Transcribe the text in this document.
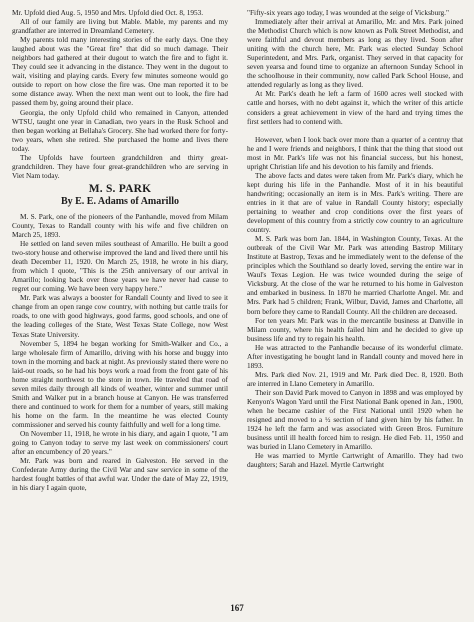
Mr. Upfold died Aug. 5, 1950 and Mrs. Upfold died Oct. 8, 1953.

All of our family are living but Mable. Mable, my parents and my grandfather are interred in Dreamland Cemetery.

My parents told many interesting stories of the early days. One they laughed about was the "Great fire" that did so much damage. Their neighbors had gathered at their dugout to watch the fire and to fight it. They could see it advancing in the distance. They went in the dugout to wait, visiting and playing cards. Every few minutes someone would go outside to report on how close the fire was. One man reported it to be some distance away. When the next man went out to look, the fire had passed them by, going around their place.

Georgia, the only Upfold child who remained in Canyon, attended WTSU, taught one year in Canadian, two years in the Rusk School and then began working at Bellaha's Grocery. She had worked there for forty-two years, when she retired. She purchased the home and lives there today.

The Upfolds have fourteen grandchildren and thirty great-grandchildren. They have four great-grandchildren who are serving in Viet Nam today.

M. S. PARK
By E. E. Adams of Amarillo

M. S. Park, one of the pioneers of the Panhandle, moved from Milam County, Texas to Randall county with his wife and five children on March 25, 1893.

He settled on land seven miles southeast of Amarillo. He built a good two-story house and otherwise improved the land and lived there until his death December 11, 1920. On March 25, 1918, he wrote in his diary, from which I quote, "This is the 25th anniversary of our arrival in Amarillo; looking back over those years we have never had cause to regret our coming. We have been very happy here."

Mr. Park was always a booster for Randall County and lived to see it change from an open range cow country, with nothing but cattle trails for roads, to one with good highways, good farms, good schools, and one of the leading colleges of the State, West Texas State College, now West Texas State University.

November 5, 1894 he began working for Smith-Walker and Co., a large wholesale firm of Amarillo, driving with his horse and buggy into town in the morning and back at night. As previously stated there were no laid-out roads, so he had his boys work a road from the front gate of his home straight northwest to the store in town. He traveled that road of seven miles daily through all kinds of weather, winter and summer until Smith and Walker put in a branch house at Canyon. He was transferred there and continued to work for them for a number of years, still making his home on the farm. In the meantime he was elected County commissioner and served his county faithfully and well for a long time.

On November 11, 1918, he wrote in his diary, and again I quote, "I am going to Canyon today to serve my last week on commissioners' court after an encumbency of 20 years."

Mr. Park was born and reared in Galveston. He served in the Confederate Army during the Civil War and saw service in some of the hardest fought battles of that awful war. Under the date of May 22, 1919, in his diary I again quote,

"Fifty-six years ago today, I was wounded at the seige of Vicksburg."

Immediately after their arrival at Amarillo, Mr. and Mrs. Park joined the Methodist Church which is now known as Polk Street Methodist, and were faithful and devout members as long as they lived. Soon after uniting with the church here, Mr. Park was elected Sunday School Superintedent, and Mrs. Park, organist. They served in that capacity for seven yearsa and found time to organize an afternoon Sunday School in the schoolhouse in their community, now called Park School House, and attended regularly as long as they lived.

At Mr. Park's death he left a farm of 1600 acres well stocked with cattle and horses, with no debt against it, which the writer of this article considers a great achievement in view of the hard and trying times the first settlers had to contend with.

However, when I look back over more than a quarter of a centruy that he and I were friends and neighbors, I think that the thing that stood out most in Mr. Park's life was not his financial success, but his honest, upright Christian life and his devotion to his family and friends.

The above facts and dates were taken from Mr. Park's diary, which he kept during his life in the Panhandle. Most of it in his beautiful handwriting; occasionally an item is in Mrs. Park's writing. There are entries in it that are of value in Randall County history; especially pertaining to weather and crop conditions over the first years of development of this country from a strictly cow country to an agriculture country.

M. S. Park was born Jan. 1844, in Washington County, Texas. At the outbreak of the Civil War Mr. Park was attending Bastrop Military Institute at Bastrop, Texas and he immediately went to the defense of the principles which the Southland so dearly loved, serving the entire war in Waul's Texas Legion. He was twice wounded during the seige of Vicksburg. At the close of the war he returned to his home in Galveston and embarked in business. In 1870 he married Charlotte Angel. Mr. and Mrs. Park had 5 children; Frank, Wilbur, David, James and Charlotte, all born before they came to Randall County. All the children are deceased.

For ten years Mr. Park was in the mercantile business at Danville in Milam county, where his health failed him and he decided to give up business life and try to regain his health.

He was attracted to the Panhandle because of its wonderful climate. After investigating he bought land in Randall county and moved here in 1893.

Mrs. Park died Nov. 21, 1919 and Mr. Park died Dec. 8, 1920. Both are interred in Llano Cemetery in Amarillo.

Their son David Park moved to Canyon in 1898 and was employed by Kenyon's Wagon Yard until the First National Bank opened in Jan., 1900, when he became cashier of the First National until 1920 when he resigned and moved to a ½ section of land given him by his father. In 1924 he left the farm and was associated with Green Bros. Furniture business until ill health forced him to resign. He died Feb. 11, 1950 and was buried in Llano Cemetery in Amarillo.

He was married to Myrtle Cartwright of Amarillo. They had two daughters; Sarah and Hazel. Myrtle Cartwright

167
